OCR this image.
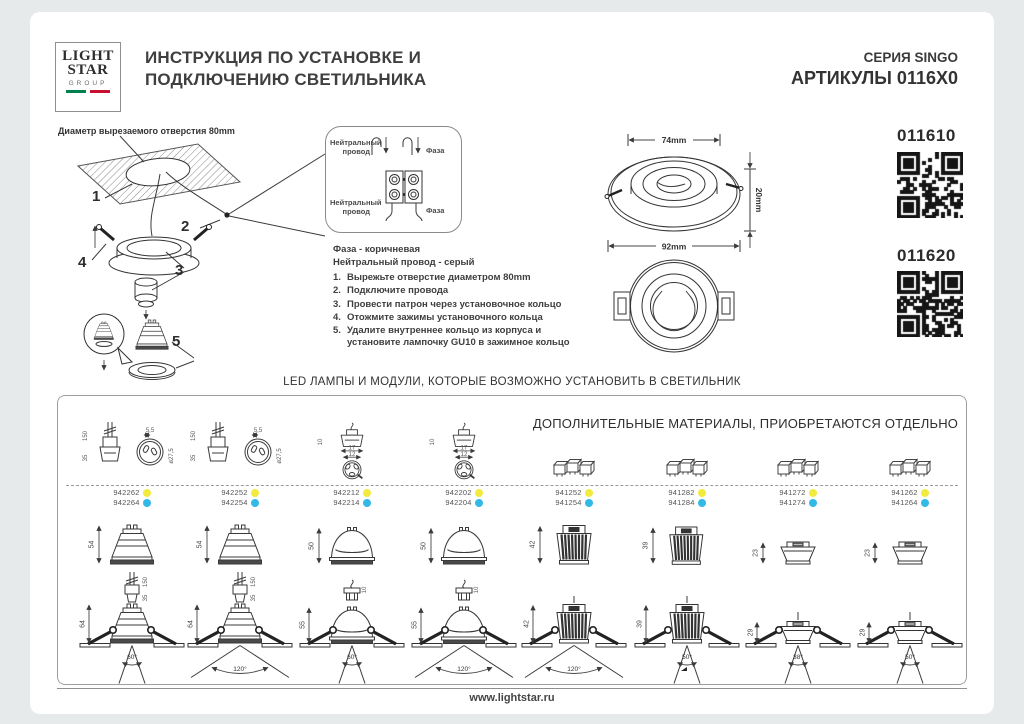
LIGHT
STAR
GROUP
ИНСТРУКЦИЯ ПО УСТАНОВКЕ И
ПОДКЛЮЧЕНИЮ СВЕТИЛЬНИКА
СЕРИЯ SINGO
АРТИКУЛЫ 0116X0
Диаметр вырезаемого отверстия 80mm
1
2
3
4
5
Нейтральный провод	Фаза
Нейтральный провод	Фаза
Фаза - коричневая
Нейтральный провод - серый
1. Вырежьте отверстие диаметром 80mm
2. Подключите провода
3. Провести патрон через установочное кольцо
4. Отожмите зажимы установочного кольца
5. Удалите внутреннее кольцо из корпуса и установите лампочку GU10 в зажимное кольцо
74mm
20mm
92mm
011610
011620
LED ЛАМПЫ И МОДУЛИ, КОТОРЫЕ ВОЗМОЖНО УСТАНОВИТЬ В СВЕТИЛЬНИК
ДОПОЛНИТЕЛЬНЫЕ МАТЕРИАЛЫ, ПРИОБРЕТАЮТСЯ ОТДЕЛЬНО
5,5
150
35	ø27,5
942262
942264
54
150
35
64
60°
5,5
150
35	ø27,5
942252
942254
54
150
35
64
120°
10
17
12
942212
942214
50
10
55
60°
10
17
12
942202
942204
50
10
55
120°
941252
941254
42
42
120°
941282
941284
39
39
50°
941272
941274
23
29
38°
941262
941264
23
29
50°
www.lightstar.ru
